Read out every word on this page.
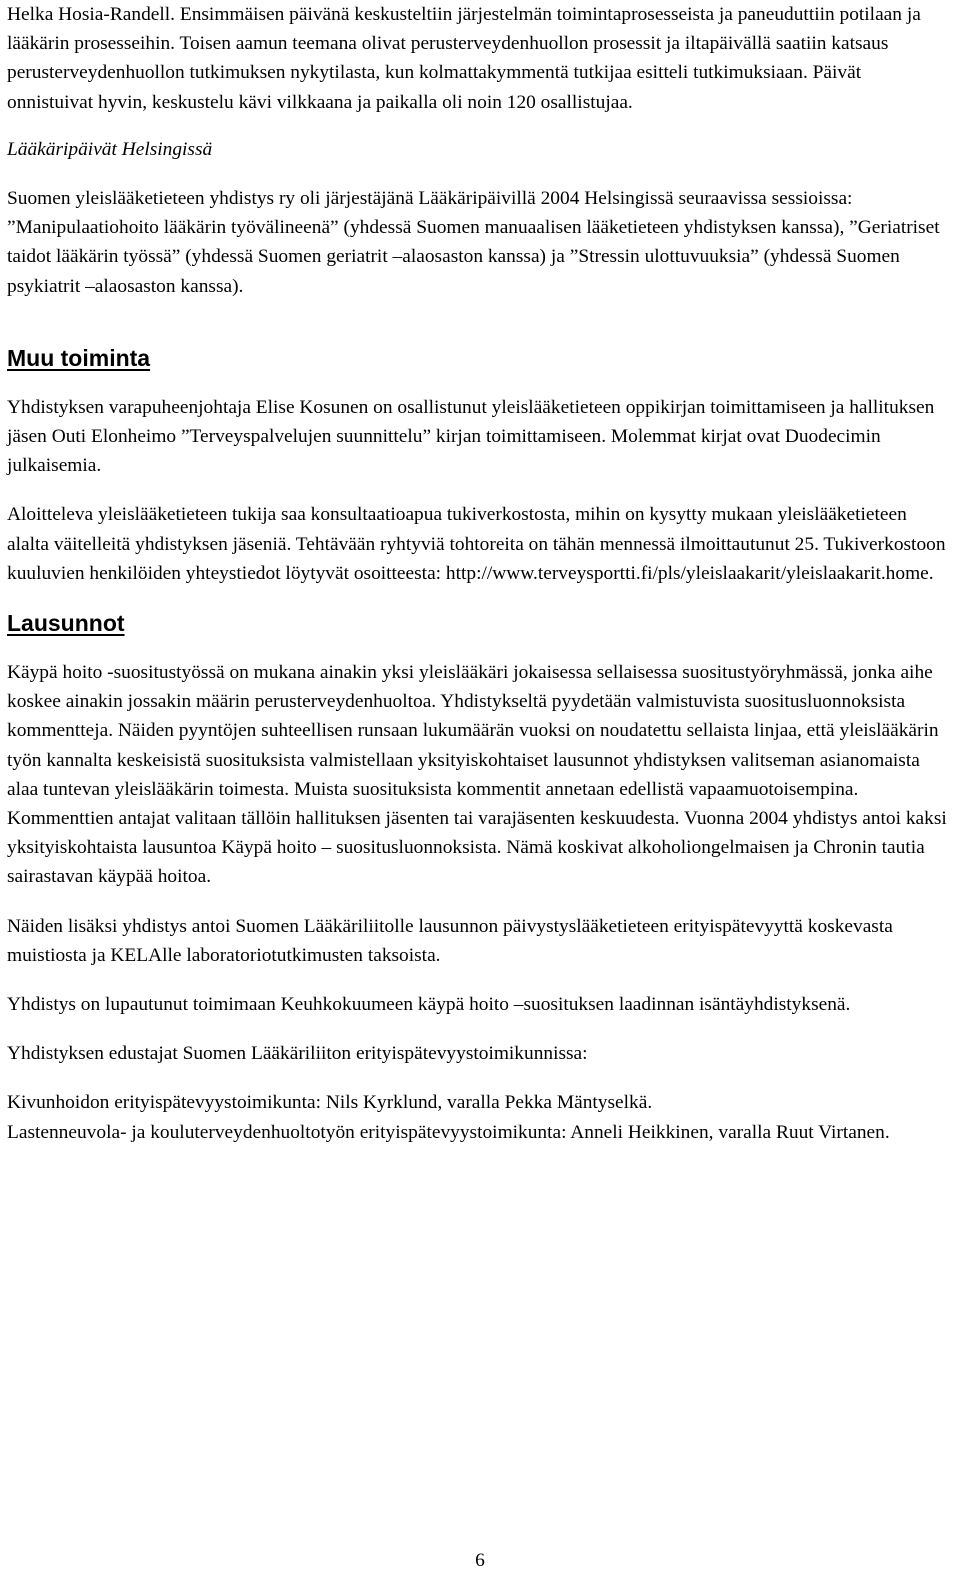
Helka Hosia-Randell. Ensimmäisen päivänä keskusteltiin järjestelmän toimintaprosesseista ja paneuduttiin potilaan ja lääkärin prosesseihin. Toisen aamun teemana olivat perusterveydenhuollon prosessit ja iltapäivällä saatiin katsaus perusterveydenhuollon tutkimuksen nykytilasta, kun kolmattakymmentä tutkijaa esitteli tutkimuksiaan. Päivät onnistuivat hyvin, keskustelu kävi vilkkaana ja paikalla oli noin 120 osallistujaa.

Lääkäripäivät Helsingissä

Suomen yleislääketieteen yhdistys ry oli järjestäjänä Lääkäripäivillä 2004 Helsingissä seuraavissa sessioissa: ”Manipulaatiohoito lääkärin työvälineenä” (yhdessä Suomen manuaalisen lääketieteen yhdistyksen kanssa), ”Geriatriset taidot lääkärin työssä” (yhdessä Suomen geriatrit –alaosaston kanssa) ja ”Stressin ulottuvuuksia” (yhdessä Suomen psykiatrit –alaosaston kanssa).

Muu toiminta

Yhdistyksen varapuheenjohtaja Elise Kosunen on osallistunut yleislääketieteen oppikirjan toimittamiseen ja hallituksen jäsen Outi Elonheimo ”Terveyspalvelujen suunnittelu” kirjan toimittamiseen. Molemmat kirjat ovat Duodecimin julkaisemia.

Aloitteleva yleislääketieteen tukija saa konsultaatioapua tukiverkostosta, mihin on kysytty mukaan yleislääketieteen alalta väitelleitä yhdistyksen jäseniä. Tehtävään ryhtyviä tohtoreita on tähän mennessä ilmoittautunut 25. Tukiverkostoon kuuluvien henkilöiden yhteystiedot löytyvät osoitteesta: http://www.terveysportti.fi/pls/yleislaakarit/yleislaakarit.home.

Lausunnot

Käypä hoito -suositustyössä on mukana ainakin yksi yleislääkäri jokaisessa sellaisessa suositustyöryhmässä, jonka aihe koskee ainakin jossakin määrin perusterveydenhuoltoa. Yhdistykseltä pyydetään valmistuvista suositusluonnoksista kommentteja. Näiden pyyntöjen suhteellisen runsaan lukumäärän vuoksi on noudatettu sellaista linjaa, että yleislääkärin työn kannalta keskeisistä suosituksista valmistellaan yksityiskohtaiset lausunnot yhdistyksen valitseman asianomaista alaa tuntevan yleislääkärin toimesta. Muista suosituksista kommentit annetaan edellistä vapaamuotoisempina. Kommenttien antajat valitaan tällöin hallituksen jäsenten tai varajäsenten keskuudesta. Vuonna 2004 yhdistys antoi kaksi yksityiskohtaista lausuntoa Käypä hoito – suositusluonnoksista. Nämä koskivat alkoholiongelmaisen ja Chronin tautia sairastavan käypää hoitoa.

Näiden lisäksi yhdistys antoi Suomen Lääkäriliitolle lausunnon päivystyslääketieteen erityispätevyyttä koskevasta muistiosta ja KELAlle laboratoriotutkimusten taksoista.

Yhdistys on lupautunut toimimaan Keuhkokuumeen käypä hoito –suosituksen laadinnan isäntäyhdistyksenä.

Yhdistyksen edustajat Suomen Lääkäriliiton erityispätevyystoimikunnissa:

Kivunhoidon erityispätevyystoimikunta: Nils Kyrklund, varalla Pekka Mäntyselkä.

Lastenneuvola- ja kouluterveydenhuoltotyön erityispätevyystoimikunta: Anneli Heikkinen, varalla Ruut Virtanen.

6
